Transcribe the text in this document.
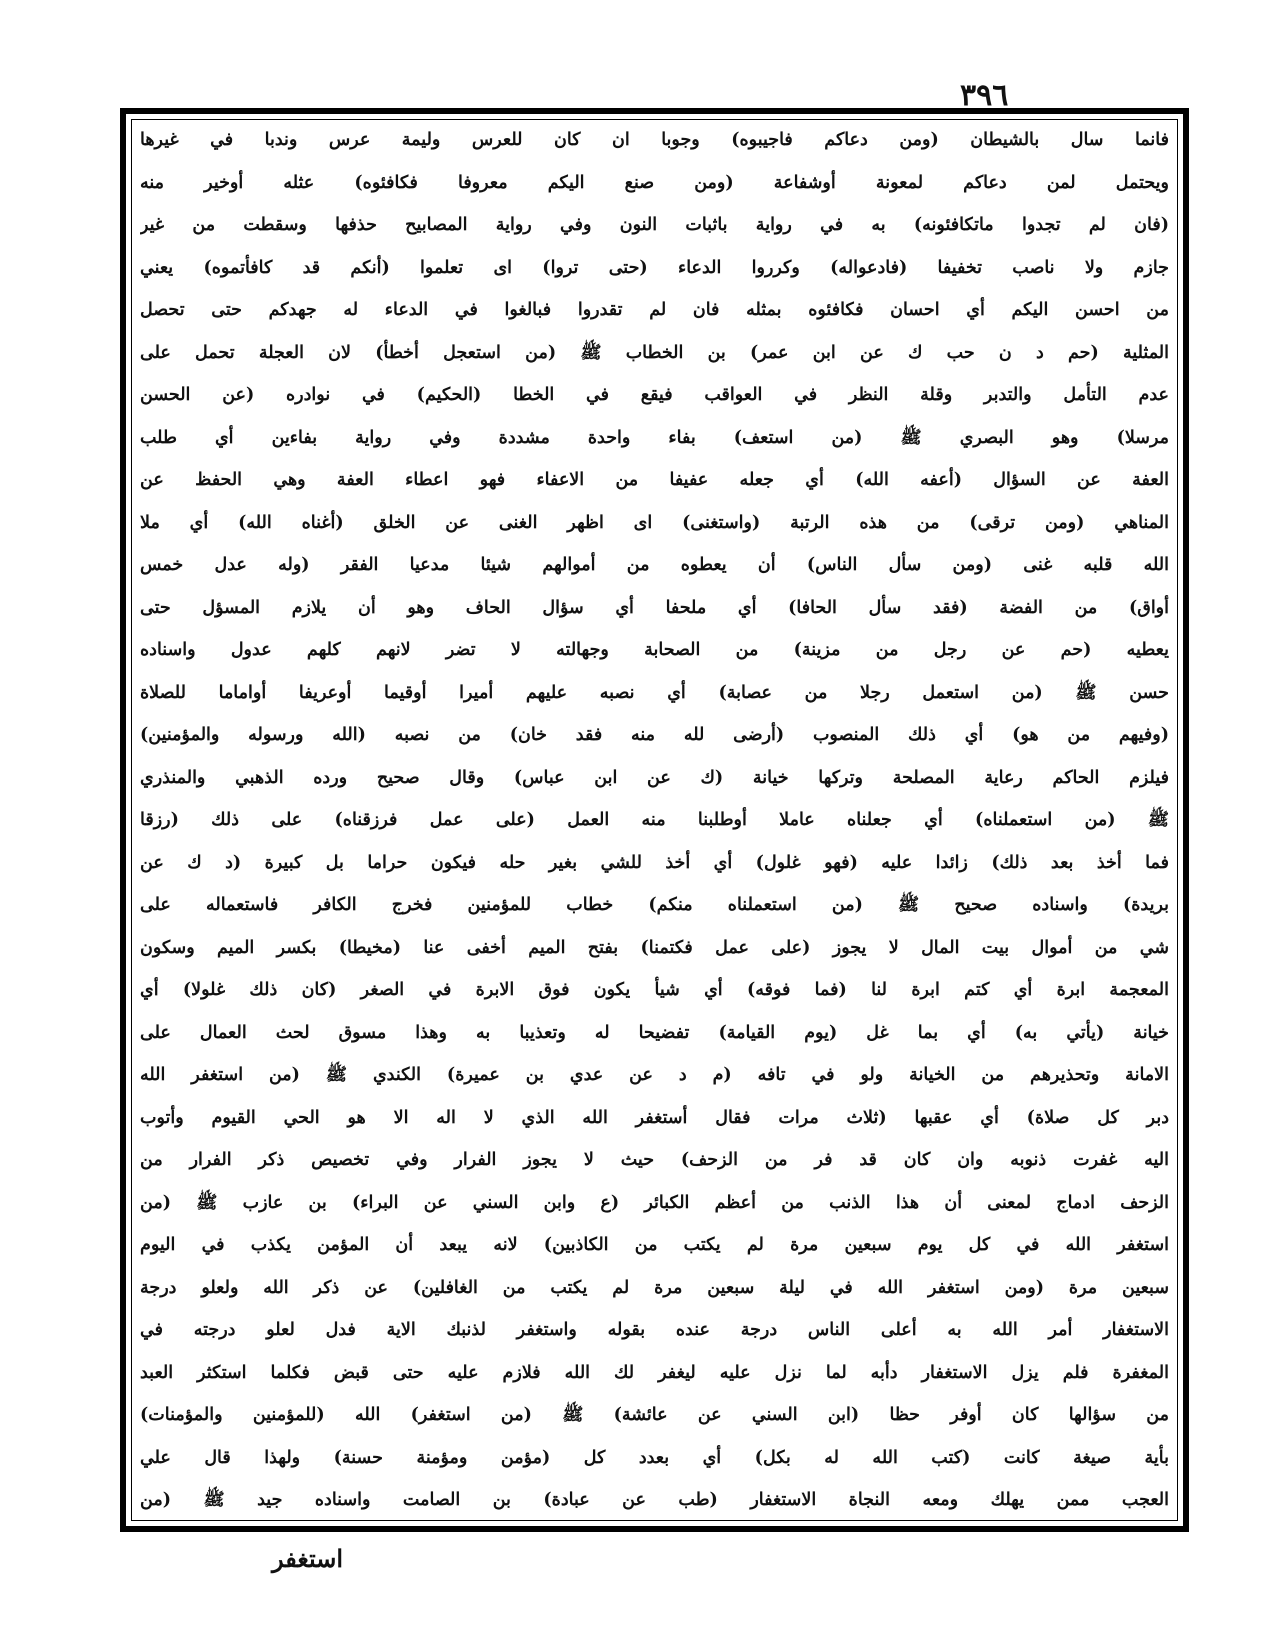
٣٩٦
فانما سال بالشيطان (ومن دعاكم فاجيبوه) وجوبا ان كان للعرس وليمة عرس وندبا في غيرها
ويحتمل لمن دعاكم لمعونة أوشفاعة (ومن صنع اليكم معروفا فكافئوه) عثله أوخير منه
(فان لم تجدوا ماتكافئونه) به في رواية باثبات النون وفي رواية المصابيح حذفها وسقطت من غير
جازم ولا ناصب تخفيفا (فادعواله) وكرروا الدعاء (حتى تروا) اى تعلموا (أنكم قد كافأتموه) يعني
من احسن اليكم أي احسان فكافئوه بمثله فان لم تقدروا فبالغوا في الدعاء له جهدكم حتى تحصل
المثلية (حم د ن حب ك عن ابن عمر) بن الخطاب ﷺ (من استعجل أخطأ) لان العجلة تحمل على
عدم التأمل والتدبر وقلة النظر في العواقب فيقع في الخطا (الحكيم) في نوادره (عن الحسن
مرسلا) وهو البصري ﷺ (من استعف) بفاء واحدة مشددة وفي رواية بفاءين أي طلب
العفة عن السؤال (أعفه الله) أي جعله عفيفا من الاعفاء فهو اعطاء العفة وهي الحفظ عن
المناهي (ومن ترقى) من هذه الرتبة (واستغنى) اى اظهر الغنى عن الخلق (أغناه الله) أي ملا
الله قلبه غنى (ومن سأل الناس) أن يعطوه من أموالهم شيئا مدعيا الفقر (وله عدل خمس
أواق) من الفضة (فقد سأل الحافا) أي ملحفا أي سؤال الحاف وهو أن يلازم المسؤل حتى
يعطيه (حم عن رجل من مزينة) من الصحابة وجهالته لا تضر لانهم كلهم عدول واسناده
حسن ﷺ (من استعمل رجلا من عصابة) أي نصبه عليهم أميرا أوقيما أوعريفا أواماما للصلاة
(وفيهم من هو) أي ذلك المنصوب (أرضى لله منه فقد خان) من نصبه (الله ورسوله والمؤمنين)
فيلزم الحاكم رعاية المصلحة وتركها خيانة (ك عن ابن عباس) وقال صحيح ورده الذهبي والمنذري
ﷺ (من استعملناه) أي جعلناه عاملا أوطلبنا منه العمل (على عمل فرزقناه) على ذلك (رزقا
فما أخذ بعد ذلك) زائدا عليه (فهو غلول) أي أخذ للشي بغير حله فيكون حراما بل كبيرة (د ك عن
بريدة) واسناده صحيح ﷺ (من استعملناه منكم) خطاب للمؤمنين فخرج الكافر فاستعماله على
شي من أموال بيت المال لا يجوز (على عمل فكتمنا) بفتح الميم أخفى عنا (مخيطا) بكسر الميم وسكون
المعجمة ابرة أي كتم ابرة لنا (فما فوقه) أي شيأ يكون فوق الابرة في الصغر (كان ذلك غلولا) أي
خيانة (يأتي به) أي بما غل (يوم القيامة) تفضيحا له وتعذيبا به وهذا مسوق لحث العمال على
الامانة وتحذيرهم من الخيانة ولو في تافه (م د عن عدي بن عميرة) الكندي ﷺ (من استغفر الله
دبر كل صلاة) أي عقبها (ثلاث مرات فقال أستغفر الله الذي لا اله الا هو الحي القيوم وأتوب
اليه غفرت ذنوبه وان كان قد فر من الزحف) حيث لا يجوز الفرار وفي تخصيص ذكر الفرار من
الزحف ادماج لمعنى أن هذا الذنب من أعظم الكبائر (ع وابن السني عن البراء) بن عازب ﷺ (من
استغفر الله في كل يوم سبعين مرة لم يكتب من الكاذبين) لانه يبعد أن المؤمن يكذب في اليوم
سبعين مرة (ومن استغفر الله في ليلة سبعين مرة لم يكتب من الغافلين) عن ذكر الله ولعلو درجة
الاستغفار أمر الله به أعلى الناس درجة عنده بقوله واستغفر لذنبك الاية فدل لعلو درجته في
المغفرة فلم يزل الاستغفار دأبه لما نزل عليه ليغفر لك الله فلازم عليه حتى قبض فكلما استكثر العبد
من سؤالها كان أوفر حظا (ابن السني عن عائشة) ﷺ (من استغفر) الله (للمؤمنين والمؤمنات)
بأية صيغة كانت (كتب الله له بكل) أي بعدد كل (مؤمن ومؤمنة حسنة) ولهذا قال علي
العجب ممن يهلك ومعه النجاة الاستغفار (طب عن عبادة) بن الصامت واسناده جيد ﷺ (من
استغفر
